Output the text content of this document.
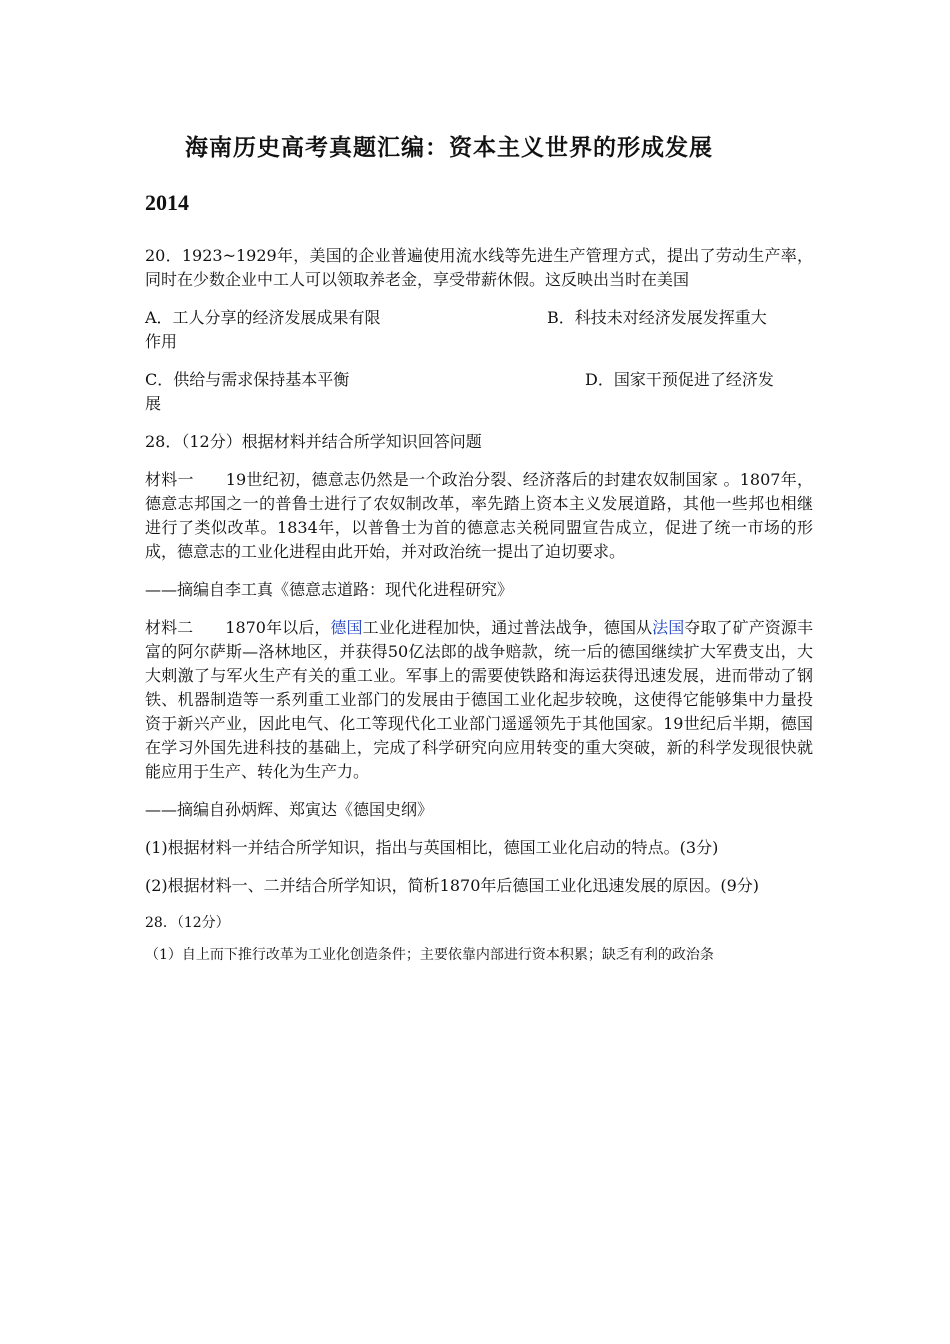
海南历史高考真题汇编：资本主义世界的形成发展
2014

20．1923~1929年，美国的企业普遍使用流水线等先进生产管理方式，提出了劳动生产率，同时在少数企业中工人可以领取养老金，享受带薪休假。这反映出当时在美国

A．工人分享的经济发展成果有限	B．科技未对经济发展发挥重大
作用
C．供给与需求保持基本平衡	D．国家干预促进了经济发
展

28．（12分）根据材料并结合所学知识回答问题

材料一 19世纪初，德意志仍然是一个政治分裂、经济落后的封建农奴制国家 。1807年，德意志邦国之一的普鲁士进行了农奴制改革，率先踏上资本主义发展道路，其他一些邦也相继进行了类似改革。1834年，以普鲁士为首的德意志关税同盟宣告成立，促进了统一市场的形成，德意志的工业化进程由此开始，并对政治统一提出了迫切要求。

——摘编自李工真《德意志道路：现代化进程研究》

材料二 1870年以后，德国工业化进程加快，通过普法战争，德国从法国夺取了矿产资源丰富的阿尔萨斯—洛林地区，并获得50亿法郎的战争赔款，统一后的德国继续扩大军费支出，大大刺激了与军火生产有关的重工业。军事上的需要使铁路和海运获得迅速发展，进而带动了钢铁、机器制造等一系列重工业部门的发展由于德国工业化起步较晚，这使得它能够集中力量投资于新兴产业，因此电气、化工等现代化工业部门遥遥领先于其他国家。19世纪后半期，德国在学习外国先进科技的基础上，完成了科学研究向应用转变的重大突破，新的科学发现很快就能应用于生产、转化为生产力。

——摘编自孙炳辉、郑寅达《德国史纲》

(1)根据材料一并结合所学知识，指出与英国相比，德国工业化启动的特点。(3分)

(2)根据材料一、二并结合所学知识，简析1870年后德国工业化迅速发展的原因。(9分)

28．（12分）

（1）自上而下推行改革为工业化创造条件；主要依靠内部进行资本积累；缺乏有利的政治条
